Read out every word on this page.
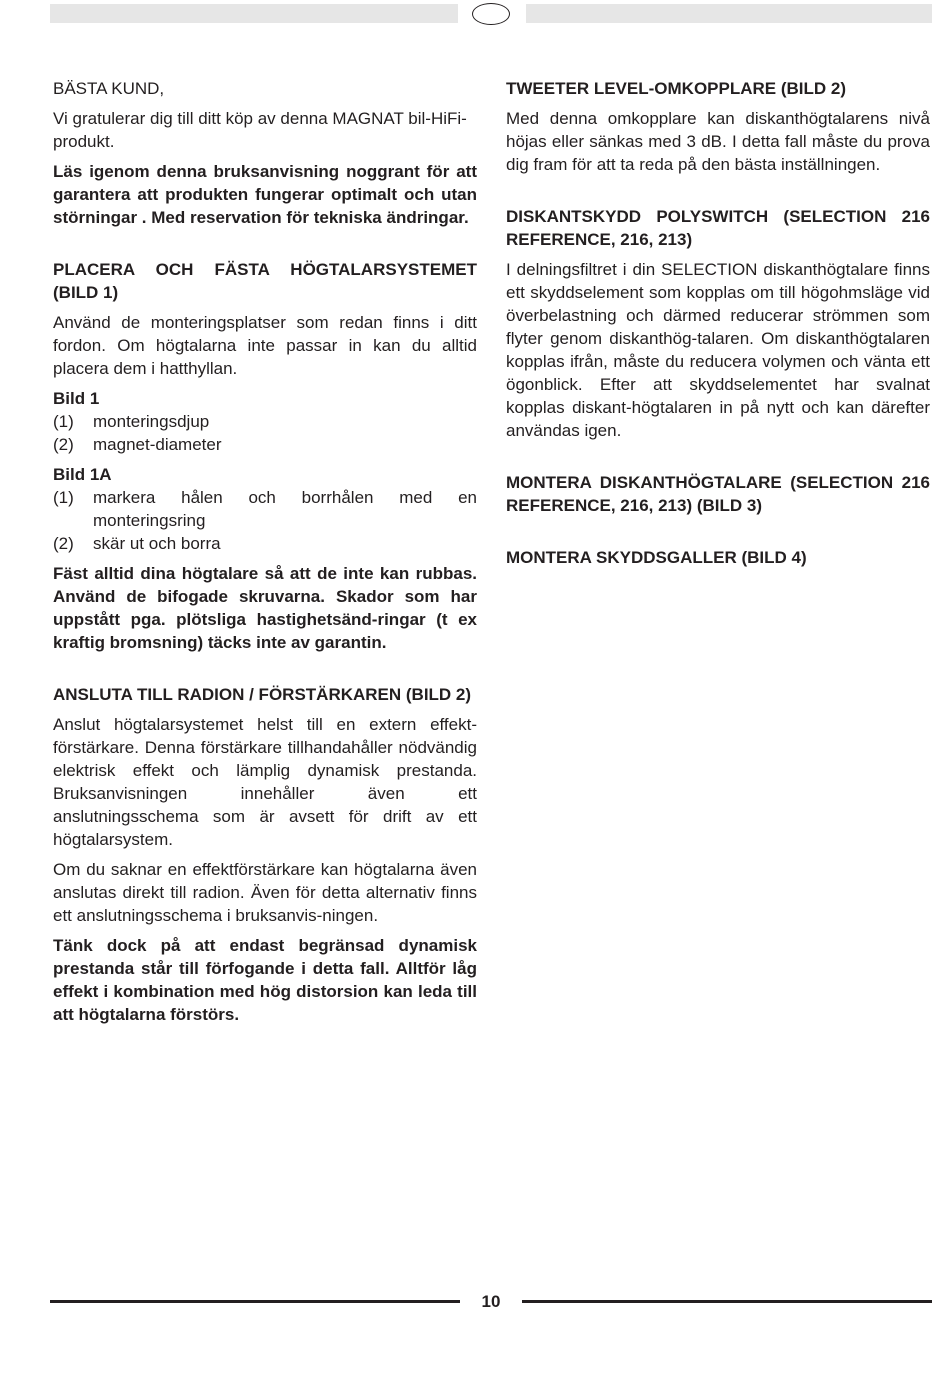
BÄSTA KUND,

Vi gratulerar dig till ditt köp av denna MAGNAT bil-HiFi-produkt.

Läs igenom denna bruksanvisning noggrant för att garantera att produkten fungerar optimalt och utan störningar . Med reservation för tekniska ändringar.

PLACERA OCH FÄSTA HÖGTALARSYSTEMET (BILD 1)

Använd de monteringsplatser som redan finns i ditt fordon. Om högtalarna inte passar in kan du alltid placera dem i hatthyllan.

Bild 1
(1)	monteringsdjup
(2)	magnet-diameter
Bild 1A
(1)	markera hålen och borrhålen med en monteringsring
(2)	skär ut och borra

Fäst alltid dina högtalare så att de inte kan rubbas. Använd de bifogade skruvarna. Skador som har uppstått pga. plötsliga hastighetsänd-ringar (t ex kraftig bromsning) täcks inte av garantin.

ANSLUTA TILL RADION / FÖRSTÄRKAREN (BILD 2)

Anslut högtalarsystemet helst till en extern effekt-förstärkare. Denna förstärkare tillhandahåller nödvändig elektrisk effekt och lämplig dynamisk prestanda. Bruksanvisningen innehåller även ett anslutningsschema som är avsett för drift av ett högtalarsystem.

Om du saknar en effektförstärkare kan högtalarna även anslutas direkt till radion. Även för detta alternativ finns ett anslutningsschema i bruksanvis-ningen.

Tänk dock på att endast begränsad dynamisk prestanda står till förfogande i detta fall. Alltför låg effekt i kombination med hög distorsion kan leda till att högtalarna förstörs.

TWEETER LEVEL-OMKOPPLARE (BILD 2)

Med denna omkopplare kan diskanthögtalarens nivå höjas eller sänkas med 3 dB. I detta fall måste du prova dig fram för att ta reda på den bästa inställningen.

DISKANTSKYDD POLYSWITCH (SELECTION 216 REFERENCE, 216, 213)

I delningsfiltret i din SELECTION diskanthögtalare finns ett skyddselement som kopplas om till högohmsläge vid överbelastning och därmed reducerar strömmen som flyter genom diskanthög-talaren. Om diskanthögtalaren kopplas ifrån, måste du reducera volymen och vänta ett ögonblick. Efter att skyddselementet har svalnat kopplas diskant-högtalaren in på nytt och kan därefter användas igen.

MONTERA DISKANTHÖGTALARE (SELECTION 216 REFERENCE, 216, 213) (BILD 3)
MONTERA SKYDDSGALLER (BILD 4)
10
